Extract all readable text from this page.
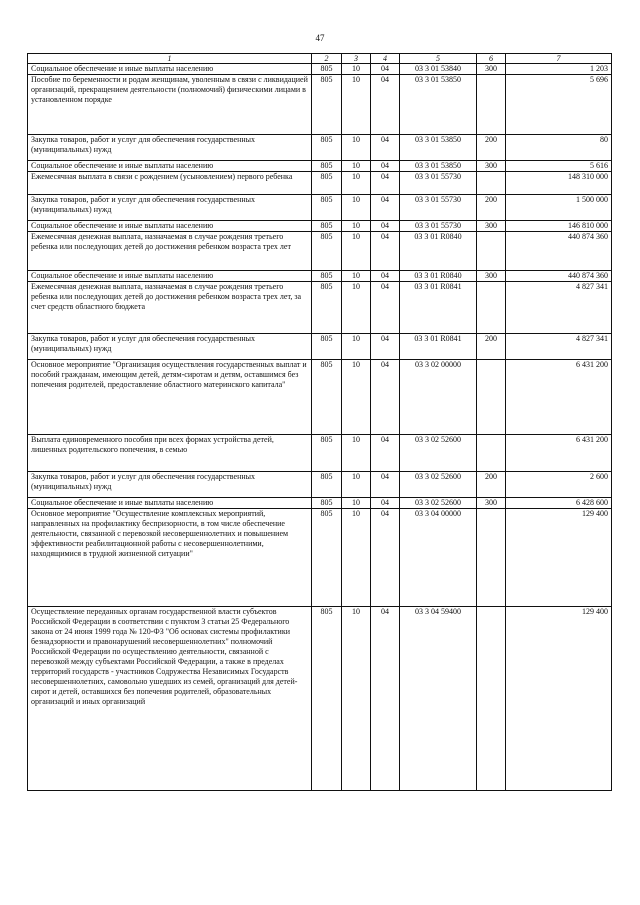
47
1	2	3	4	5	6	7
Социальное обеспечение и иные выплаты населению	805	10	04	03 3 01 53840	300	1 203
Пособие по беременности и родам женщинам, уволенным в связи с ликвидацией организаций, прекращением деятельности (полномочий) физическими лицами в установленном порядке	805	10	04	03 3 01 53850		5 696
Закупка товаров, работ и услуг для обеспечения государственных (муниципальных) нужд	805	10	04	03 3 01 53850	200	80
Социальное обеспечение и иные выплаты населению	805	10	04	03 3 01 53850	300	5 616
Ежемесячная выплата в связи с рождением (усыновлением) первого ребенка	805	10	04	03 3 01 55730		148 310 000
Закупка товаров, работ и услуг для обеспечения государственных (муниципальных) нужд	805	10	04	03 3 01 55730	200	1 500 000
Социальное обеспечение и иные выплаты населению	805	10	04	03 3 01 55730	300	146 810 000
Ежемесячная денежная выплата, назначаемая в случае рождения третьего ребенка или последующих детей до достижения ребенком возраста трех лет	805	10	04	03 3 01 R0840		440 874 360
Социальное обеспечение и иные выплаты населению	805	10	04	03 3 01 R0840	300	440 874 360
Ежемесячная денежная выплата, назначаемая в случае рождения третьего ребенка или последующих детей до достижения ребенком возраста трех лет, за счет средств областного бюджета	805	10	04	03 3 01 R0841		4 827 341
Закупка товаров, работ и услуг для обеспечения государственных (муниципальных) нужд	805	10	04	03 3 01 R0841	200	4 827 341
Основное мероприятие "Организация осуществления государственных выплат и пособий гражданам, имеющим детей, детям-сиротам и детям, оставшимся без попечения родителей, предоставление областного материнского капитала"	805	10	04	03 3 02 00000		6 431 200
Выплата единовременного пособия при всех формах устройства детей, лишенных родительского попечения, в семью	805	10	04	03 3 02 52600		6 431 200
Закупка товаров, работ и услуг для обеспечения государственных (муниципальных) нужд	805	10	04	03 3 02 52600	200	2 600
Социальное обеспечение и иные выплаты населению	805	10	04	03 3 02 52600	300	6 428 600
Основное мероприятие "Осуществление комплексных мероприятий, направленных на профилактику беспризорности, в том числе обеспечение деятельности, связанной с перевозкой несовершеннолетних и повышением эффективности реабилитационной работы с несовершеннолетними, находящимися в трудной жизненной ситуации"	805	10	04	03 3 04 00000		129 400
Осуществление переданных органам государственной власти субъектов Российской Федерации в соответствии с пунктом 3 статьи 25 Федерального закона от 24 июня 1999 года № 120-ФЗ "Об основах системы профилактики безнадзорности и правонарушений несовершеннолетних" полномочий Российской Федерации по осуществлению деятельности, связанной с перевозкой между субъектами Российской Федерации, а также в пределах территорий государств - участников Содружества Независимых Государств несовершеннолетних, самовольно ушедших из семей, организаций для детей-сирот и детей, оставшихся без попечения родителей, образовательных организаций и иных организаций	805	10	04	03 3 04 59400		129 400
